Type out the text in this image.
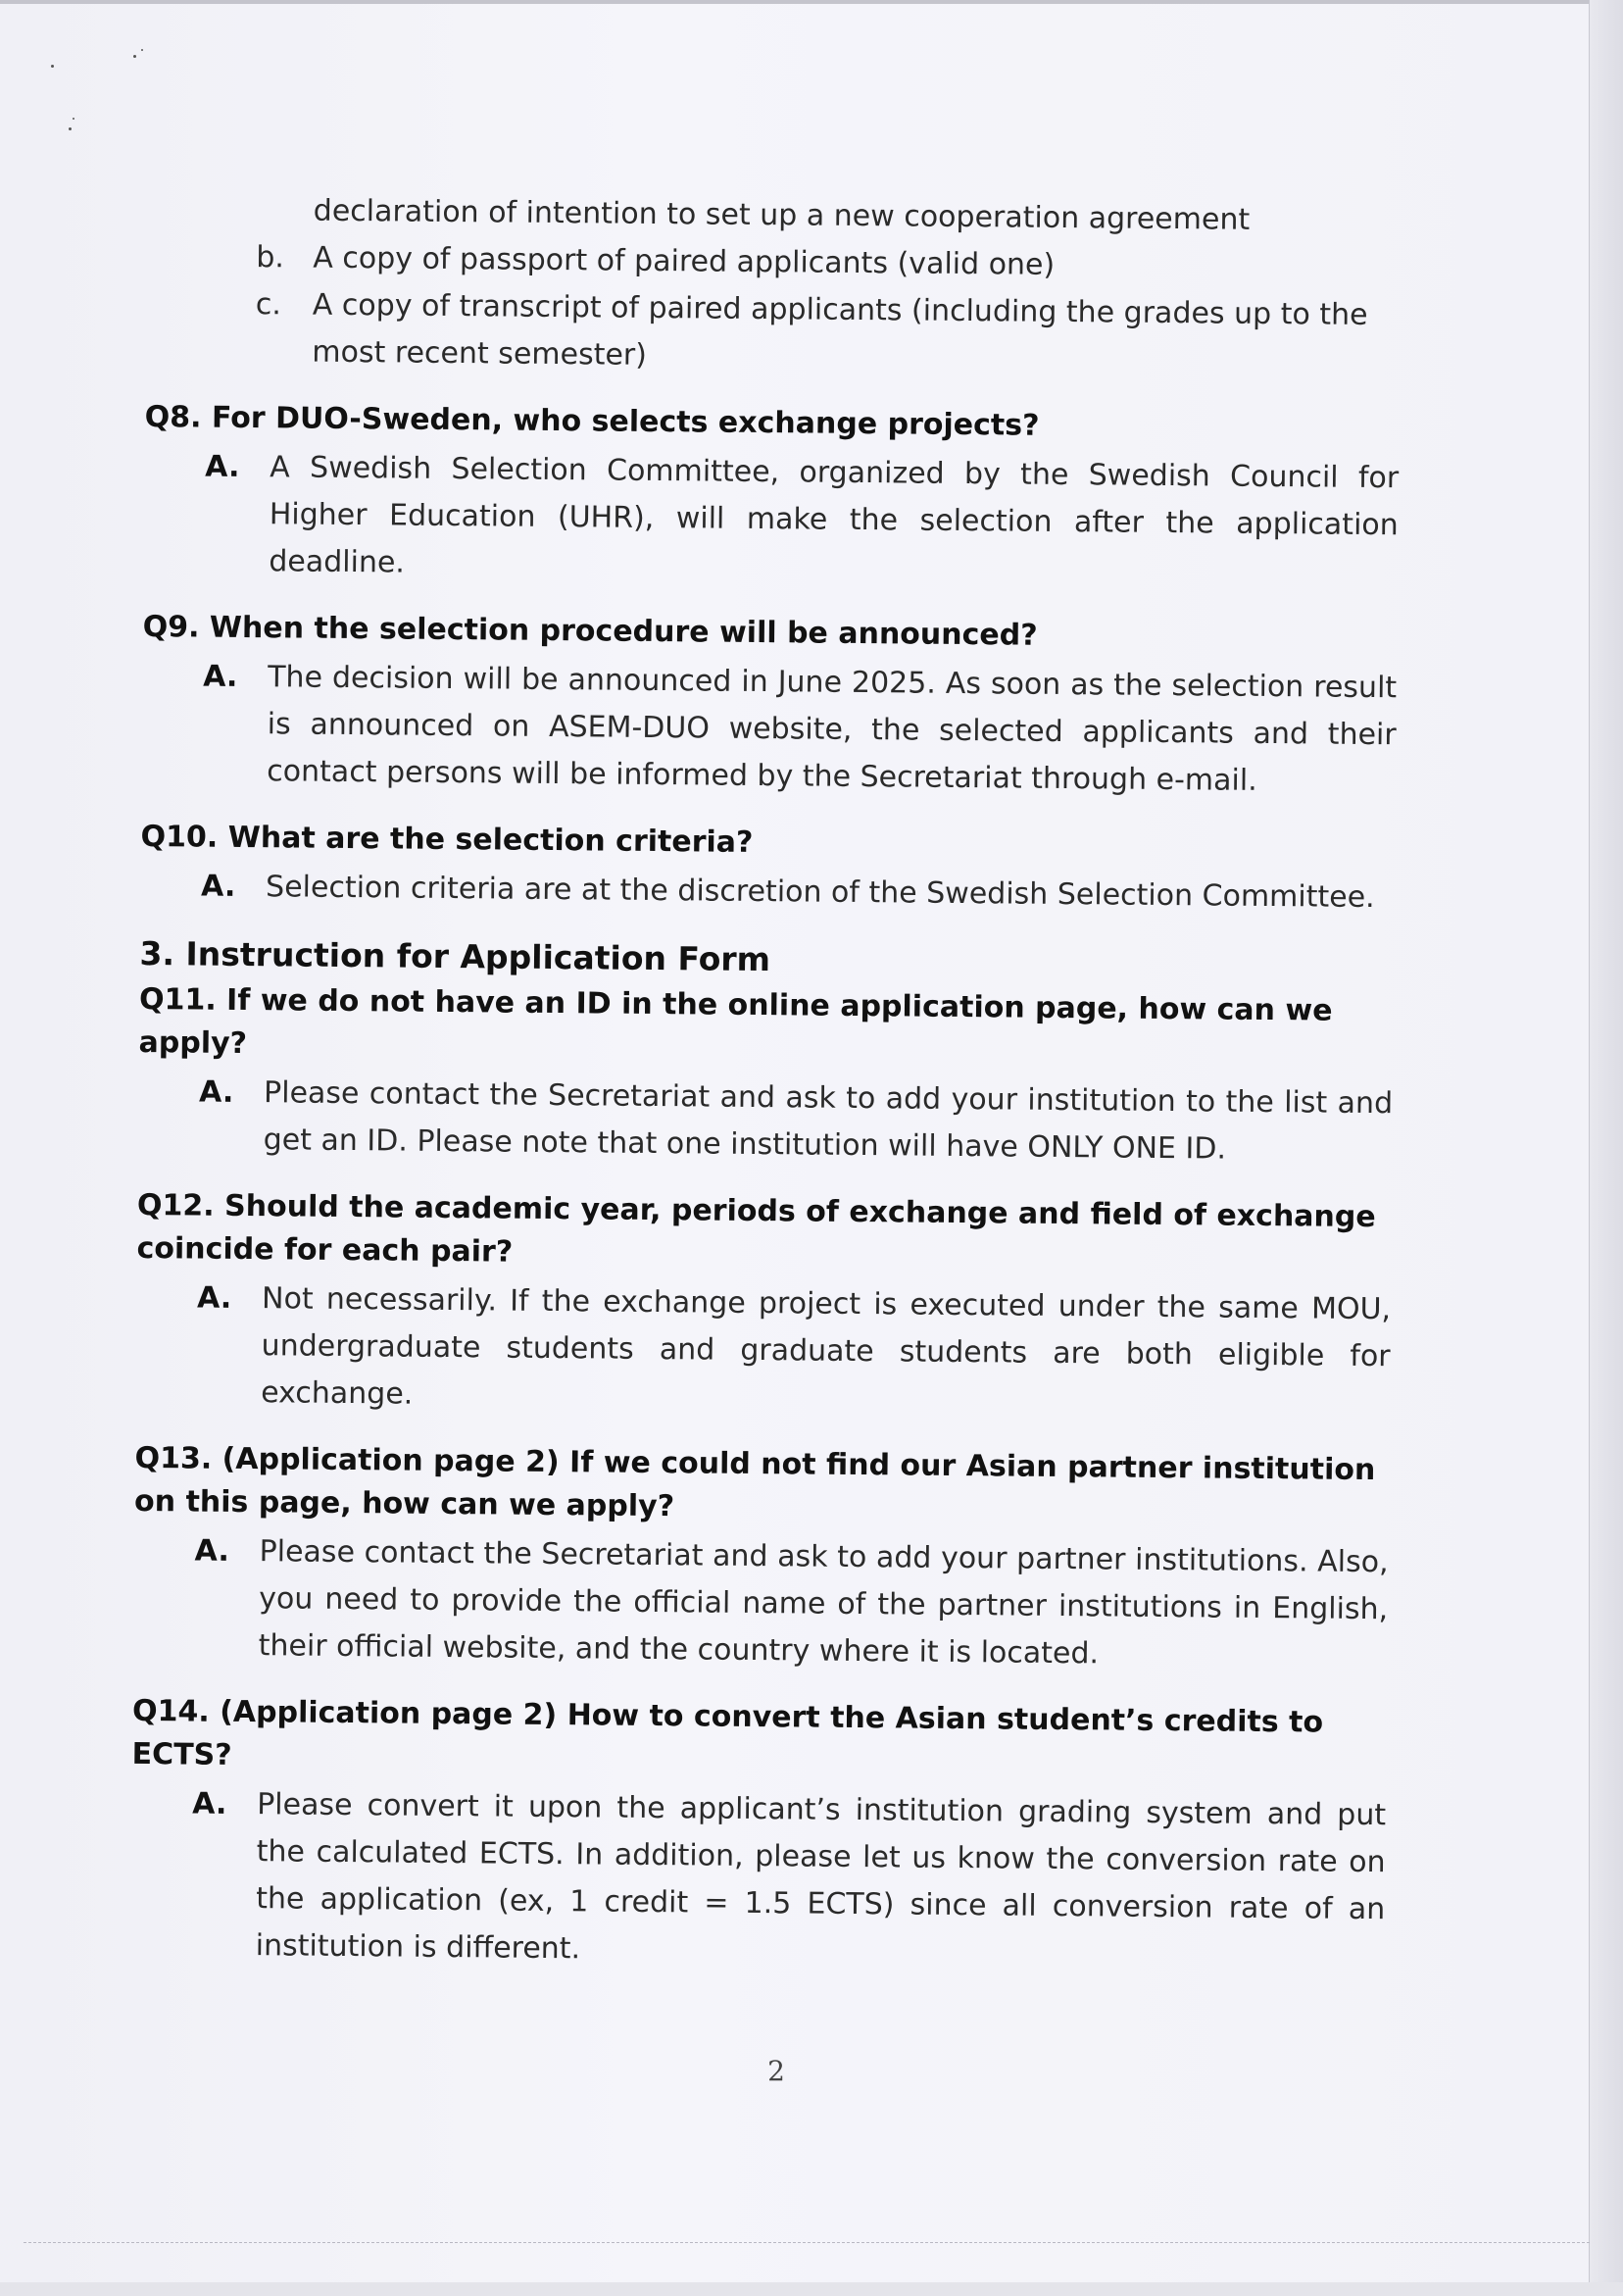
declaration of intention to set up a new cooperation agreement
b. A copy of passport of paired applicants (valid one)
c. A copy of transcript of paired applicants (including the grades up to the most recent semester)
Q8. For DUO-Sweden, who selects exchange projects?
A. A Swedish Selection Committee, organized by the Swedish Council for Higher Education (UHR), will make the selection after the application deadline.
Q9. When the selection procedure will be announced?
A. The decision will be announced in June 2025. As soon as the selection result is announced on ASEM-DUO website, the selected applicants and their contact persons will be informed by the Secretariat through e-mail.
Q10. What are the selection criteria?
A. Selection criteria are at the discretion of the Swedish Selection Committee.
3. Instruction for Application Form
Q11. If we do not have an ID in the online application page, how can we apply?
A. Please contact the Secretariat and ask to add your institution to the list and get an ID. Please note that one institution will have ONLY ONE ID.
Q12. Should the academic year, periods of exchange and field of exchange coincide for each pair?
A. Not necessarily. If the exchange project is executed under the same MOU, undergraduate students and graduate students are both eligible for exchange.
Q13. (Application page 2) If we could not find our Asian partner institution on this page, how can we apply?
A. Please contact the Secretariat and ask to add your partner institutions. Also, you need to provide the official name of the partner institutions in English, their official website, and the country where it is located.
Q14. (Application page 2) How to convert the Asian student’s credits to ECTS?
A. Please convert it upon the applicant’s institution grading system and put the calculated ECTS. In addition, please let us know the conversion rate on the application (ex, 1 credit = 1.5 ECTS) since all conversion rate of an institution is different.
2
